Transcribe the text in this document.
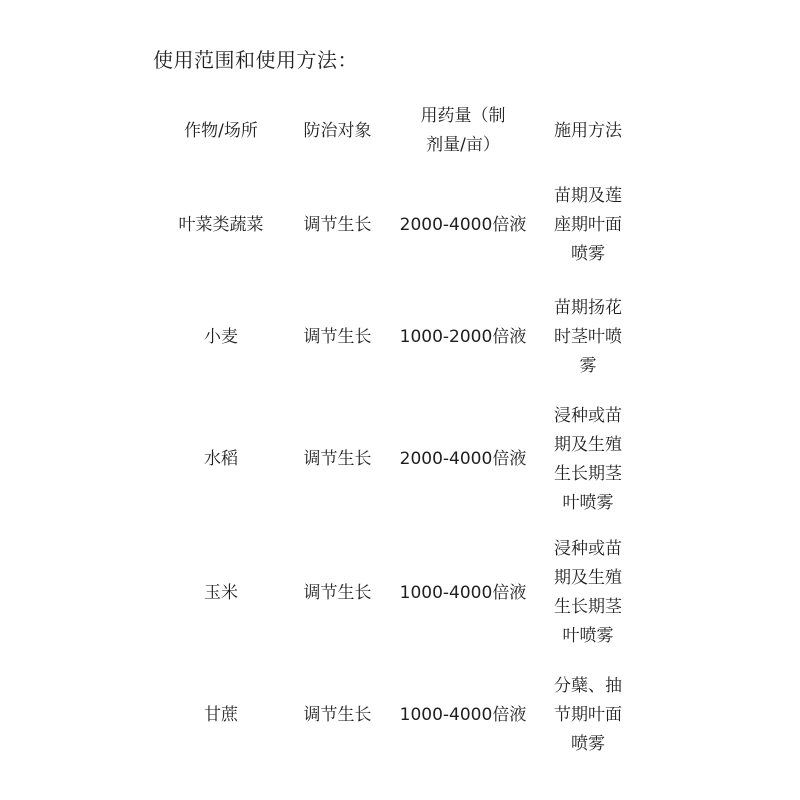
使用范围和使用方法：
作物/场所	防治对象	用药量（制剂量/亩）	施用方法
叶菜类蔬菜	调节生长	2000-4000倍液	苗期及莲座期叶面喷雾

小麦	调节生长	1000-2000倍液	苗期扬花时茎叶喷雾

水稻	调节生长	2000-4000倍液	浸种或苗期及生殖生长期茎叶喷雾

玉米	调节生长	1000-4000倍液	浸种或苗期及生殖生长期茎叶喷雾

甘蔗	调节生长	1000-4000倍液	分蘖、抽节期叶面喷雾
